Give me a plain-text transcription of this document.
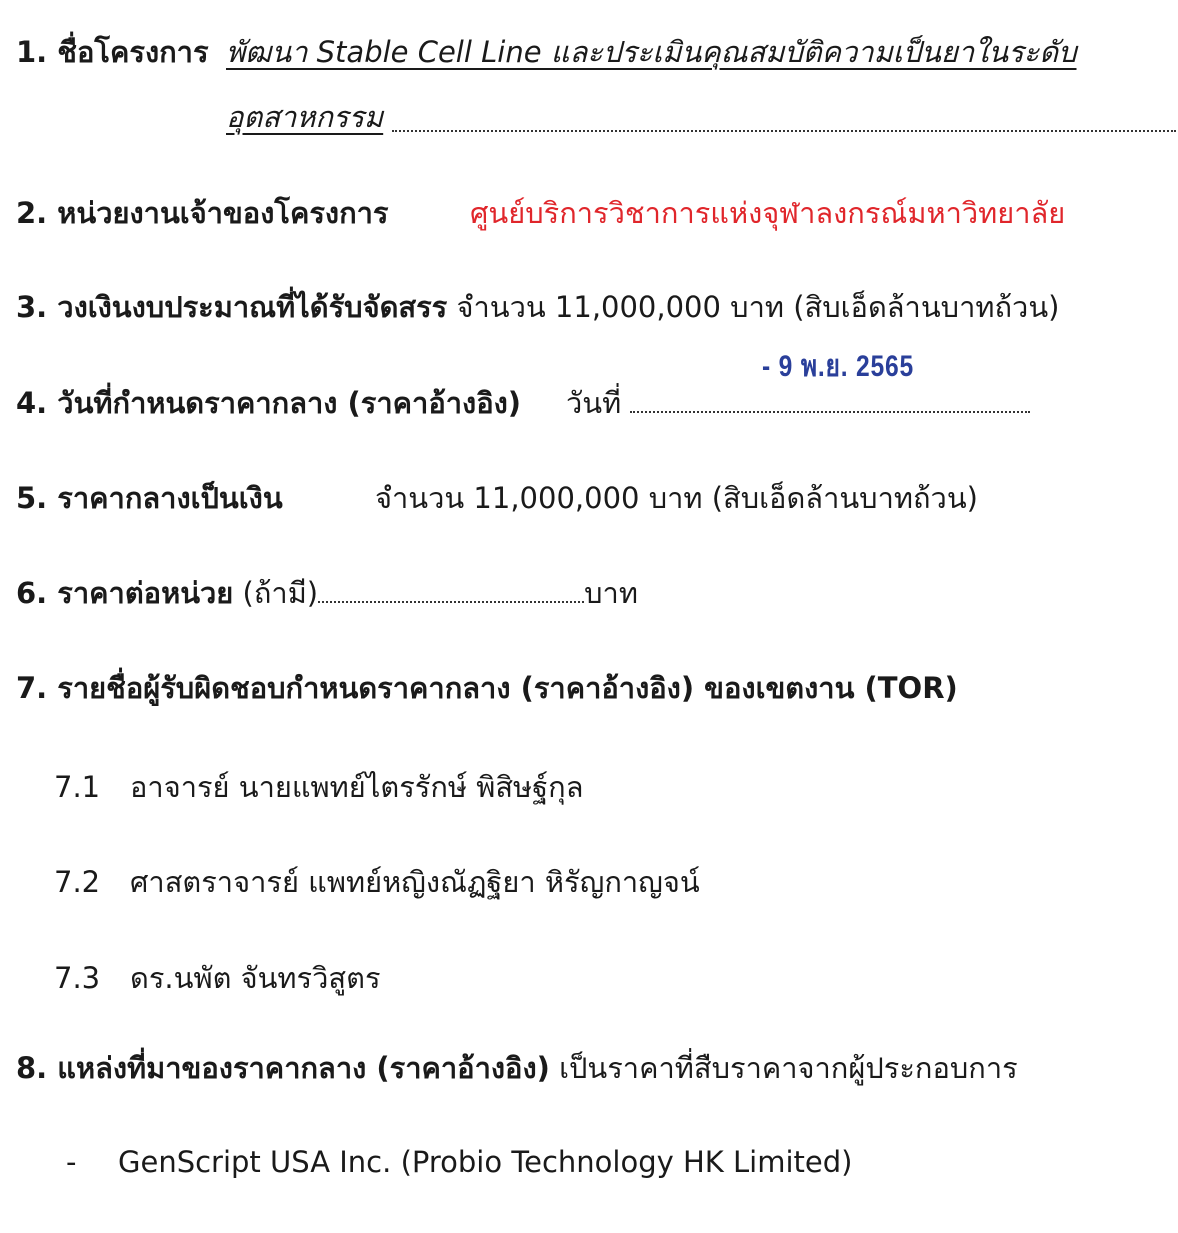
1. ชื่อโครงการ พัฒนา Stable Cell Line และประเมินคุณสมบัติความเป็นยาในระดับ
อุตสาหกรรม
2. หน่วยงานเจ้าของโครงการ	ศูนย์บริการวิชาการแห่งจุฬาลงกรณ์มหาวิทยาลัย
3. วงเงินงบประมาณที่ได้รับจัดสรร จำนวน 11,000,000 บาท (สิบเอ็ดล้านบาทถ้วน)
- 9 พ.ย. 2565
4. วันที่กำหนดราคากลาง (ราคาอ้างอิง) วันที่
5. ราคากลางเป็นเงิน	จำนวน 11,000,000 บาท (สิบเอ็ดล้านบาทถ้วน)
6. ราคาต่อหน่วย (ถ้ามี)	บาท
7. รายชื่อผู้รับผิดชอบกำหนดราคากลาง (ราคาอ้างอิง) ของเขตงาน (TOR)
7.1 อาจารย์ นายแพทย์ไตรรักษ์ พิสิษฐ์กุล
7.2 ศาสตราจารย์ แพทย์หญิงณัฏฐิยา หิรัญกาญจน์
7.3 ดร.นพัต จันทรวิสูตร
8. แหล่งที่มาของราคากลาง (ราคาอ้างอิง) เป็นราคาที่สืบราคาจากผู้ประกอบการ
- GenScript USA Inc. (Probio Technology HK Limited)
